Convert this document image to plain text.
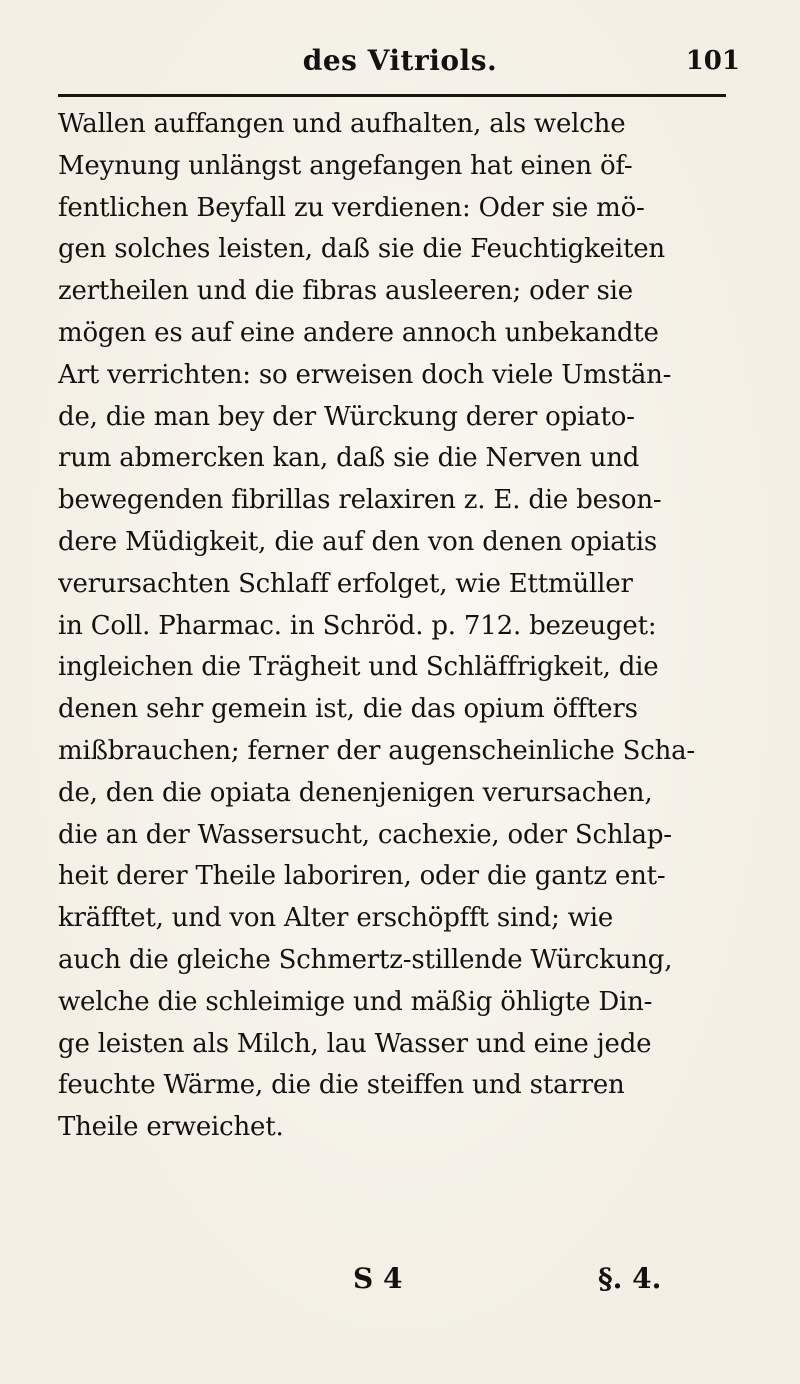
des Vitriols.	101
Wallen auffangen und aufhalten, als welche
Meynung unlängst angefangen hat einen öf-
fentlichen Beyfall zu verdienen: Oder sie mö-
gen solches leisten, daß sie die Feuchtigkeiten
zertheilen und die fibras ausleeren; oder sie
mögen es auf eine andere annoch unbekandte
Art verrichten: so erweisen doch viele Umstän-
de, die man bey der Würckung derer opiato-
rum abmercken kan, daß sie die Nerven und
bewegenden fibrillas relaxiren z. E. die beson-
dere Müdigkeit, die auf den von denen opiatis
verursachten Schlaff erfolget, wie Ettmüller
in Coll. Pharmac. in Schröd. p. 712. bezeuget:
ingleichen die Trägheit und Schläffrigkeit, die
denen sehr gemein ist, die das opium öffters
mißbrauchen; ferner der augenscheinliche Scha-
de, den die opiata denenjenigen verursachen,
die an der Wassersucht, cachexie, oder Schlap-
heit derer Theile laboriren, oder die gantz ent-
kräfftet, und von Alter erschöpfft sind; wie
auch die gleiche Schmertz-stillende Würckung,
welche die schleimige und mäßig öhligte Din-
ge leisten als Milch, lau Wasser und eine jede
feuchte Wärme, die die steiffen und starren
Theile erweichet.
S 4	§. 4.
